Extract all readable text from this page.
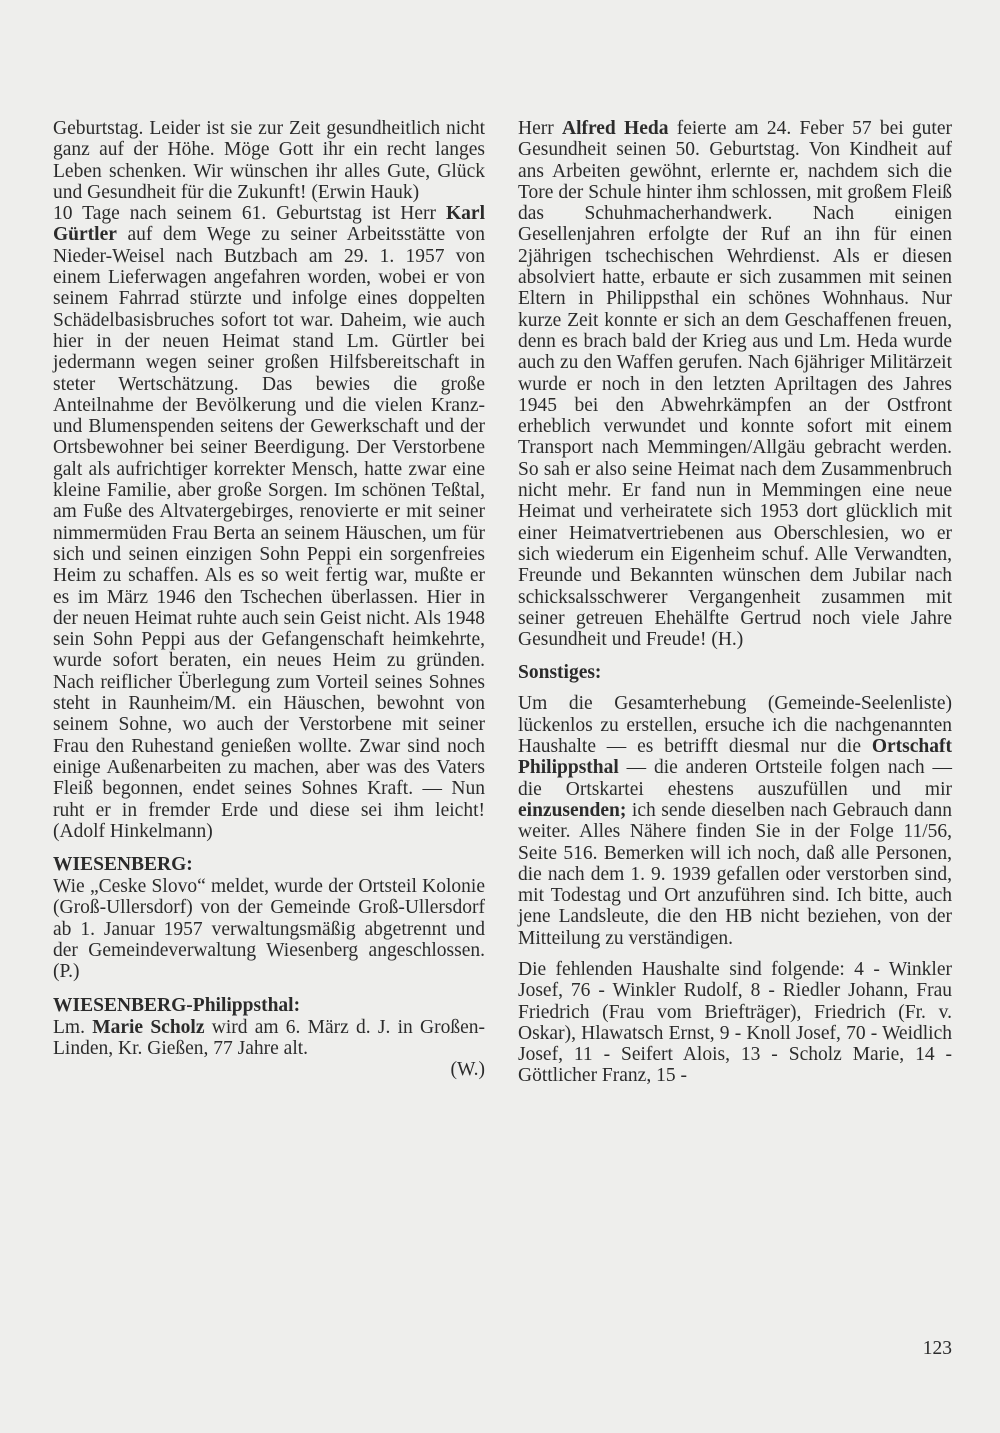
Geburtstag. Leider ist sie zur Zeit gesundheitlich nicht ganz auf der Höhe. Möge Gott ihr ein recht langes Leben schenken. Wir wünschen ihr alles Gute, Glück und Gesundheit für die Zukunft! (Erwin Hauk)

10 Tage nach seinem 61. Geburtstag ist Herr Karl Gürtler auf dem Wege zu seiner Arbeitsstätte von Nieder-Weisel nach Butzbach am 29. 1. 1957 von einem Lieferwagen angefahren worden, wobei er von seinem Fahrrad stürzte und infolge eines doppelten Schädelbasisbruches sofort tot war. Daheim, wie auch hier in der neuen Heimat stand Lm. Gürtler bei jedermann wegen seiner großen Hilfsbereitschaft in steter Wertschätzung. Das bewies die große Anteilnahme der Bevölkerung und die vielen Kranz- und Blumenspenden seitens der Gewerkschaft und der Ortsbewohner bei seiner Beerdigung. Der Verstorbene galt als aufrichtiger korrekter Mensch, hatte zwar eine kleine Familie, aber große Sorgen. Im schönen Teßtal, am Fuße des Altvatergebirges, renovierte er mit seiner nimmermüden Frau Berta an seinem Häuschen, um für sich und seinen einzigen Sohn Peppi ein sorgenfreies Heim zu schaffen. Als es so weit fertig war, mußte er es im März 1946 den Tschechen überlassen. Hier in der neuen Heimat ruhte auch sein Geist nicht. Als 1948 sein Sohn Peppi aus der Gefangenschaft heimkehrte, wurde sofort beraten, ein neues Heim zu gründen. Nach reiflicher Überlegung zum Vorteil seines Sohnes steht in Raunheim/M. ein Häuschen, bewohnt von seinem Sohne, wo auch der Verstorbene mit seiner Frau den Ruhestand genießen wollte. Zwar sind noch einige Außenarbeiten zu machen, aber was des Vaters Fleiß begonnen, endet seines Sohnes Kraft. — Nun ruht er in fremder Erde und diese sei ihm leicht! (Adolf Hinkelmann)

WIESENBERG:

Wie „Ceske Slovo“ meldet, wurde der Ortsteil Kolonie (Groß-Ullersdorf) von der Gemeinde Groß-Ullersdorf ab 1. Januar 1957 verwaltungsmäßig abgetrennt und der Gemeindeverwaltung Wiesenberg angeschlossen. (P.)

WIESENBERG-Philippsthal:

Lm. Marie Scholz wird am 6. März d. J. in Großen-Linden, Kr. Gießen, 77 Jahre alt.
(W.)

Herr Alfred Heda feierte am 24. Feber 57 bei guter Gesundheit seinen 50. Geburtstag. Von Kindheit auf ans Arbeiten gewöhnt, erlernte er, nachdem sich die Tore der Schule hinter ihm schlossen, mit großem Fleiß das Schuhmacherhandwerk. Nach einigen Gesellenjahren erfolgte der Ruf an ihn für einen 2jährigen tschechischen Wehrdienst. Als er diesen absolviert hatte, erbaute er sich zusammen mit seinen Eltern in Philippsthal ein schönes Wohnhaus. Nur kurze Zeit konnte er sich an dem Geschaffenen freuen, denn es brach bald der Krieg aus und Lm. Heda wurde auch zu den Waffen gerufen. Nach 6jähriger Militärzeit wurde er noch in den letzten Apriltagen des Jahres 1945 bei den Abwehrkämpfen an der Ostfront erheblich verwundet und konnte sofort mit einem Transport nach Memmingen/Allgäu gebracht werden. So sah er also seine Heimat nach dem Zusammenbruch nicht mehr. Er fand nun in Memmingen eine neue Heimat und verheiratete sich 1953 dort glücklich mit einer Heimatvertriebenen aus Oberschlesien, wo er sich wiederum ein Eigenheim schuf. Alle Verwandten, Freunde und Bekannten wünschen dem Jubilar nach schicksalsschwerer Vergangenheit zusammen mit seiner getreuen Ehehälfte Gertrud noch viele Jahre Gesundheit und Freude! (H.)

Sonstiges:

Um die Gesamterhebung (Gemeinde-Seelenliste) lückenlos zu erstellen, ersuche ich die nachgenannten Haushalte — es betrifft diesmal nur die Ortschaft Philippsthal — die anderen Ortsteile folgen nach — die Ortskartei ehestens auszufüllen und mir einzusenden; ich sende dieselben nach Gebrauch dann weiter. Alles Nähere finden Sie in der Folge 11/56, Seite 516. Bemerken will ich noch, daß alle Personen, die nach dem 1. 9. 1939 gefallen oder verstorben sind, mit Todestag und Ort anzuführen sind. Ich bitte, auch jene Landsleute, die den HB nicht beziehen, von der Mitteilung zu verständigen.

Die fehlenden Haushalte sind folgende: 4 - Winkler Josef, 76 - Winkler Rudolf, 8 - Riedler Johann, Frau Friedrich (Frau vom Briefträger), Friedrich (Fr. v. Oskar), Hlawatsch Ernst, 9 - Knoll Josef, 70 - Weidlich Josef, 11 - Seifert Alois, 13 - Scholz Marie, 14 - Göttlicher Franz, 15 -

123
